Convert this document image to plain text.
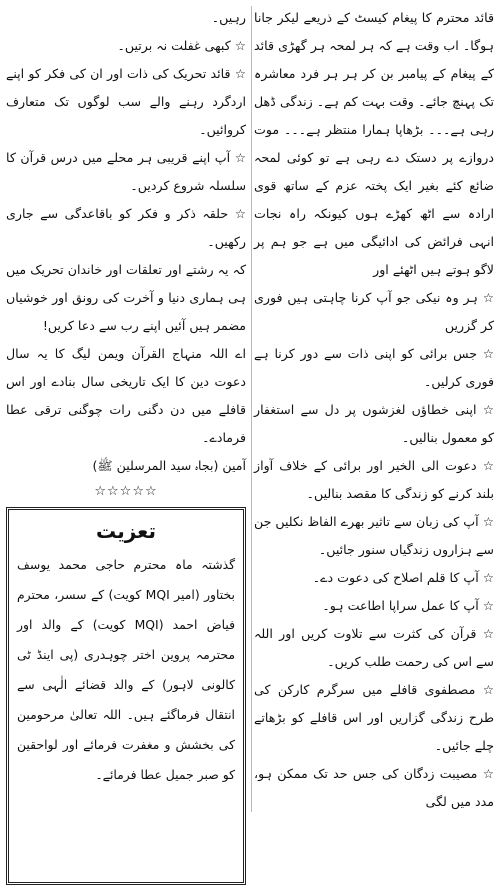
قائد محترم کا پیغام کیسٹ کے ذریعے لیکر جانا ہوگا۔ اب وقت ہے کہ ہر لمحہ ہر گھڑی قائد کے پیغام کے پیامبر بن کر ہر ہر فرد معاشرہ تک پہنچ جائے۔ وقت بہت کم ہے۔ زندگی ڈھل رہی ہے۔۔۔ بڑھاپا ہمارا منتظر ہے۔۔۔ موت دروازے پر دستک دے رہی ہے تو کوئی لمحہ ضائع کئے بغیر ایک پختہ عزم کے ساتھ قوی ارادہ سے اٹھ کھڑے ہوں کیونکہ راہ نجات انہی فرائض کی ادائیگی میں ہے جو ہم پر لاگو ہوتے ہیں اٹھئے اور

☆ ہر وہ نیکی جو آپ کرنا چاہتی ہیں فوری کر گزریں

☆ جس برائی کو اپنی ذات سے دور کرنا ہے فوری کرلیں۔

☆ اپنی خطاؤں لغزشوں پر دل سے استغفار کو معمول بنالیں۔

☆ دعوت الی الخیر اور برائی کے خلاف آواز بلند کرنے کو زندگی کا مقصد بنالیں۔

☆ آپ کی زبان سے تاثیر بھرے الفاظ نکلیں جن سے ہزاروں زندگیاں سنور جائیں۔

☆ آپ کا قلم اصلاح کی دعوت دے۔

☆ آپ کا عمل سراپا اطاعت ہو۔

☆ قرآن کی کثرت سے تلاوت کریں اور اللہ سے اس کی رحمت طلب کریں۔

☆ مصطفوی قافلے میں سرگرم کارکن کی طرح زندگی گزاریں اور اس قافلے کو بڑھاتے چلے جائیں۔

☆ مصیبت زدگان کی جس حد تک ممکن ہو، مدد میں لگی

رہیں۔

☆ کبھی غفلت نہ برتیں۔

☆ قائد تحریک کی ذات اور ان کی فکر کو اپنے اردگرد رہنے والے سب لوگوں تک متعارف کروائیں۔

☆ آپ اپنے قریبی ہر محلے میں درس قرآن کا سلسلہ شروع کردیں۔

☆ حلقہ ذکر و فکر کو باقاعدگی سے جاری رکھیں۔

کہ یہ رشتے اور تعلقات اور خاندان تحریک میں ہی ہماری دنیا و آخرت کی رونق اور خوشیاں مضمر ہیں آئیں اپنے رب سے دعا کریں!

اے اللہ منہاج القرآن ویمن لیگ کا یہ سال دعوت دین کا ایک تاریخی سال بنادے اور اس قافلے میں دن دگنی رات چوگنی ترقی عطا فرمادے۔

آمین (بجاہ سید المرسلین ﷺ)

☆☆☆☆☆
تعزیت

گذشتہ ماہ محترم حاجی محمد یوسف بختاور (امیر MQI کویت) کے سسر، محترم فیاض احمد (MQI کویت) کے والد اور محترمہ پروین اختر چوہدری (پی اینڈ ٹی کالونی لاہور) کے والد قضائے الٰہی سے انتقال فرماگئے ہیں۔ اللہ تعالیٰ مرحومین کی بخشش و مغفرت فرمائے اور لواحقین کو صبر جمیل عطا فرمائے۔
